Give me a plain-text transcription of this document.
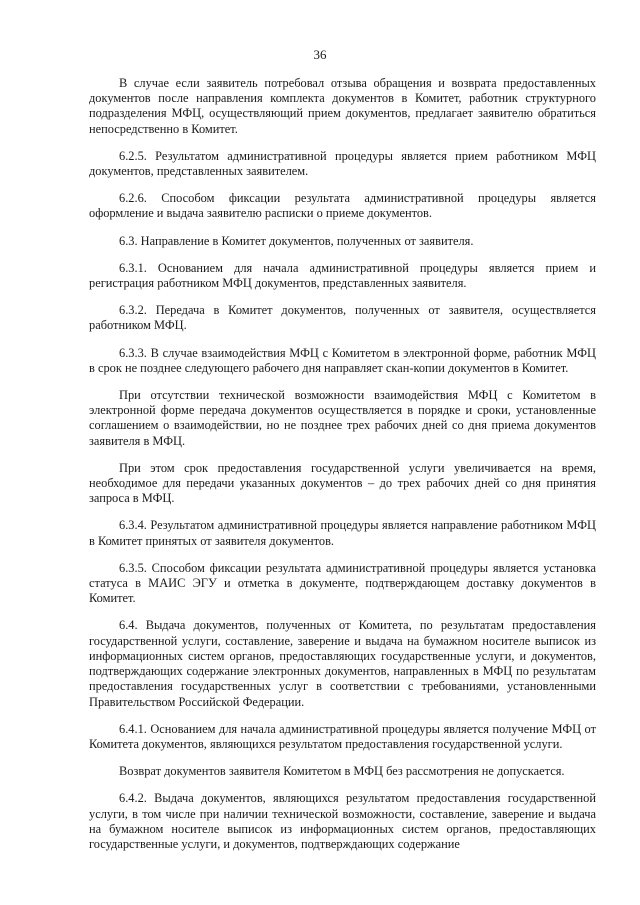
36

В случае если заявитель потребовал отзыва обращения и возврата предоставленных документов после направления комплекта документов в Комитет, работник структурного подразделения МФЦ, осуществляющий прием документов, предлагает заявителю обратиться непосредственно в Комитет.

6.2.5. Результатом административной процедуры является прием работником МФЦ документов, представленных заявителем.

6.2.6. Способом фиксации результата административной процедуры является оформление и выдача заявителю расписки о приеме документов.

6.3. Направление в Комитет документов, полученных от заявителя.

6.3.1. Основанием для начала административной процедуры является прием и регистрация работником МФЦ документов, представленных заявителя.

6.3.2. Передача в Комитет документов, полученных от заявителя, осуществляется работником МФЦ.

6.3.3. В случае взаимодействия МФЦ с Комитетом в электронной форме, работник МФЦ в срок не позднее следующего рабочего дня направляет скан-копии документов в Комитет.

При отсутствии технической возможности взаимодействия МФЦ с Комитетом в электронной форме передача документов осуществляется в порядке и сроки, установленные соглашением о взаимодействии, но не позднее трех рабочих дней со дня приема документов заявителя в МФЦ.

При этом срок предоставления государственной услуги увеличивается на время, необходимое для передачи указанных документов – до трех рабочих дней со дня принятия запроса в МФЦ.

6.3.4. Результатом административной процедуры является направление работником МФЦ в Комитет принятых от заявителя документов.

6.3.5. Способом фиксации результата административной процедуры является установка статуса в МАИС ЭГУ и отметка в документе, подтверждающем доставку документов в Комитет.

6.4. Выдача документов, полученных от Комитета, по результатам предоставления государственной услуги, составление, заверение и выдача на бумажном носителе выписок из информационных систем органов, предоставляющих государственные услуги, и документов, подтверждающих содержание электронных документов, направленных в МФЦ по результатам предоставления государственных услуг в соответствии с требованиями, установленными Правительством Российской Федерации.

6.4.1. Основанием для начала административной процедуры является получение МФЦ от Комитета документов, являющихся результатом предоставления государственной услуги.

Возврат документов заявителя Комитетом в МФЦ без рассмотрения не допускается.

6.4.2. Выдача документов, являющихся результатом предоставления государственной услуги, в том числе при наличии технической возможности, составление, заверение и выдача на бумажном носителе выписок из информационных систем органов, предоставляющих государственные услуги, и документов, подтверждающих содержание
